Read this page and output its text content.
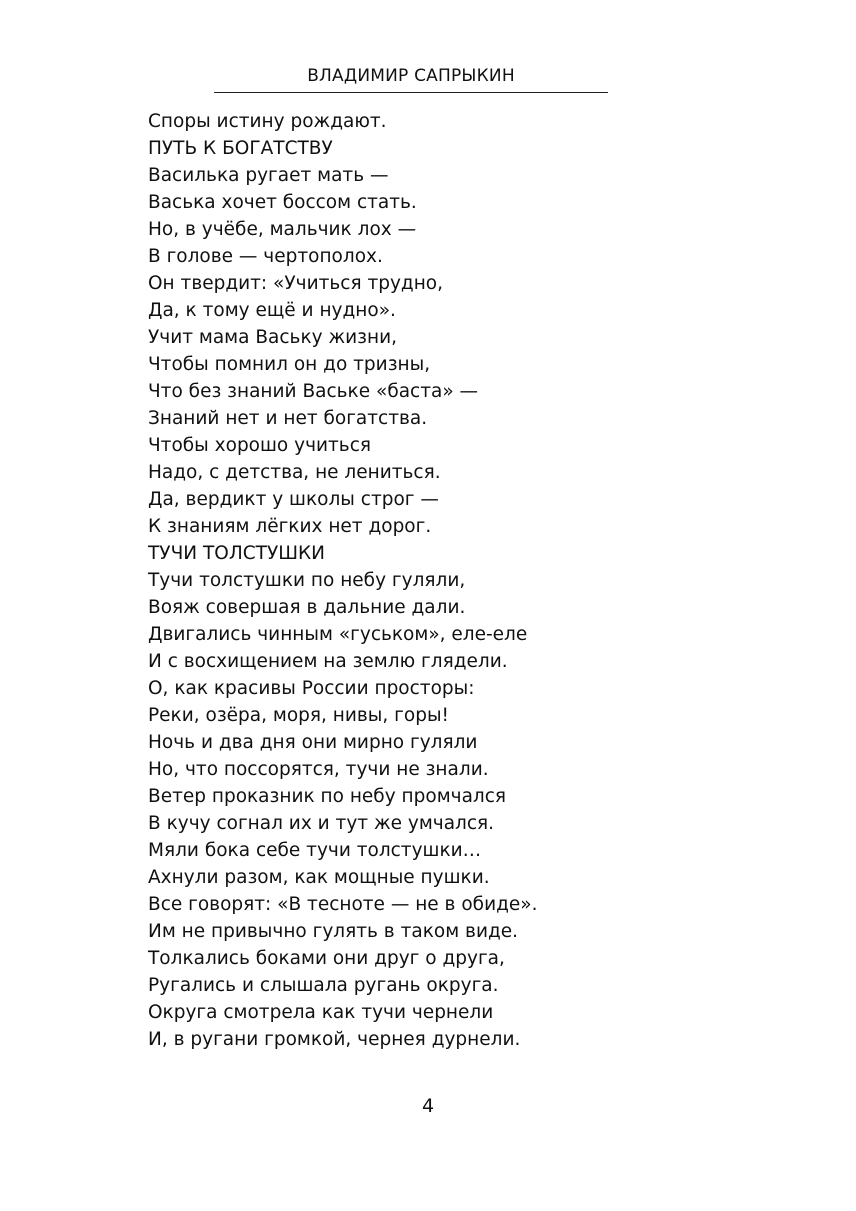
ВЛАДИМИР САПРЫКИН
Споры истину рождают.
ПУТЬ К БОГАТСТВУ
Василька ругает мать —
Васька хочет боссом стать.
Но, в учёбе, мальчик лох —
В голове — чертополох.
Он твердит: «Учиться трудно,
Да, к тому ещё и нудно».
Учит мама Ваську жизни,
Чтобы помнил он до тризны,
Что без знаний Ваське «баста» —
Знаний нет и нет богатства.
Чтобы хорошо учиться
Надо, с детства, не лениться.
Да, вердикт у школы строг —
К знаниям лёгких нет дорог.
ТУЧИ ТОЛСТУШКИ
Тучи толстушки по небу гуляли,
Вояж совершая в дальние дали.
Двигались чинным «гуськом», еле-еле
И с восхищением на землю глядели.
О, как красивы России просторы:
Реки, озёра, моря, нивы, горы!
Ночь и два дня они мирно гуляли
Но, что поссорятся, тучи не знали.
Ветер проказник по небу промчался
В кучу согнал их и тут же умчался.
Мяли бока себе тучи толстушки…
Ахнули разом, как мощные пушки.
Все говорят: «В тесноте — не в обиде».
Им не привычно гулять в таком виде.
Толкались боками они друг о друга,
Ругались и слышала ругань округа.
Округа смотрела как тучи чернели
И, в ругани громкой, чернея дурнели.
4
